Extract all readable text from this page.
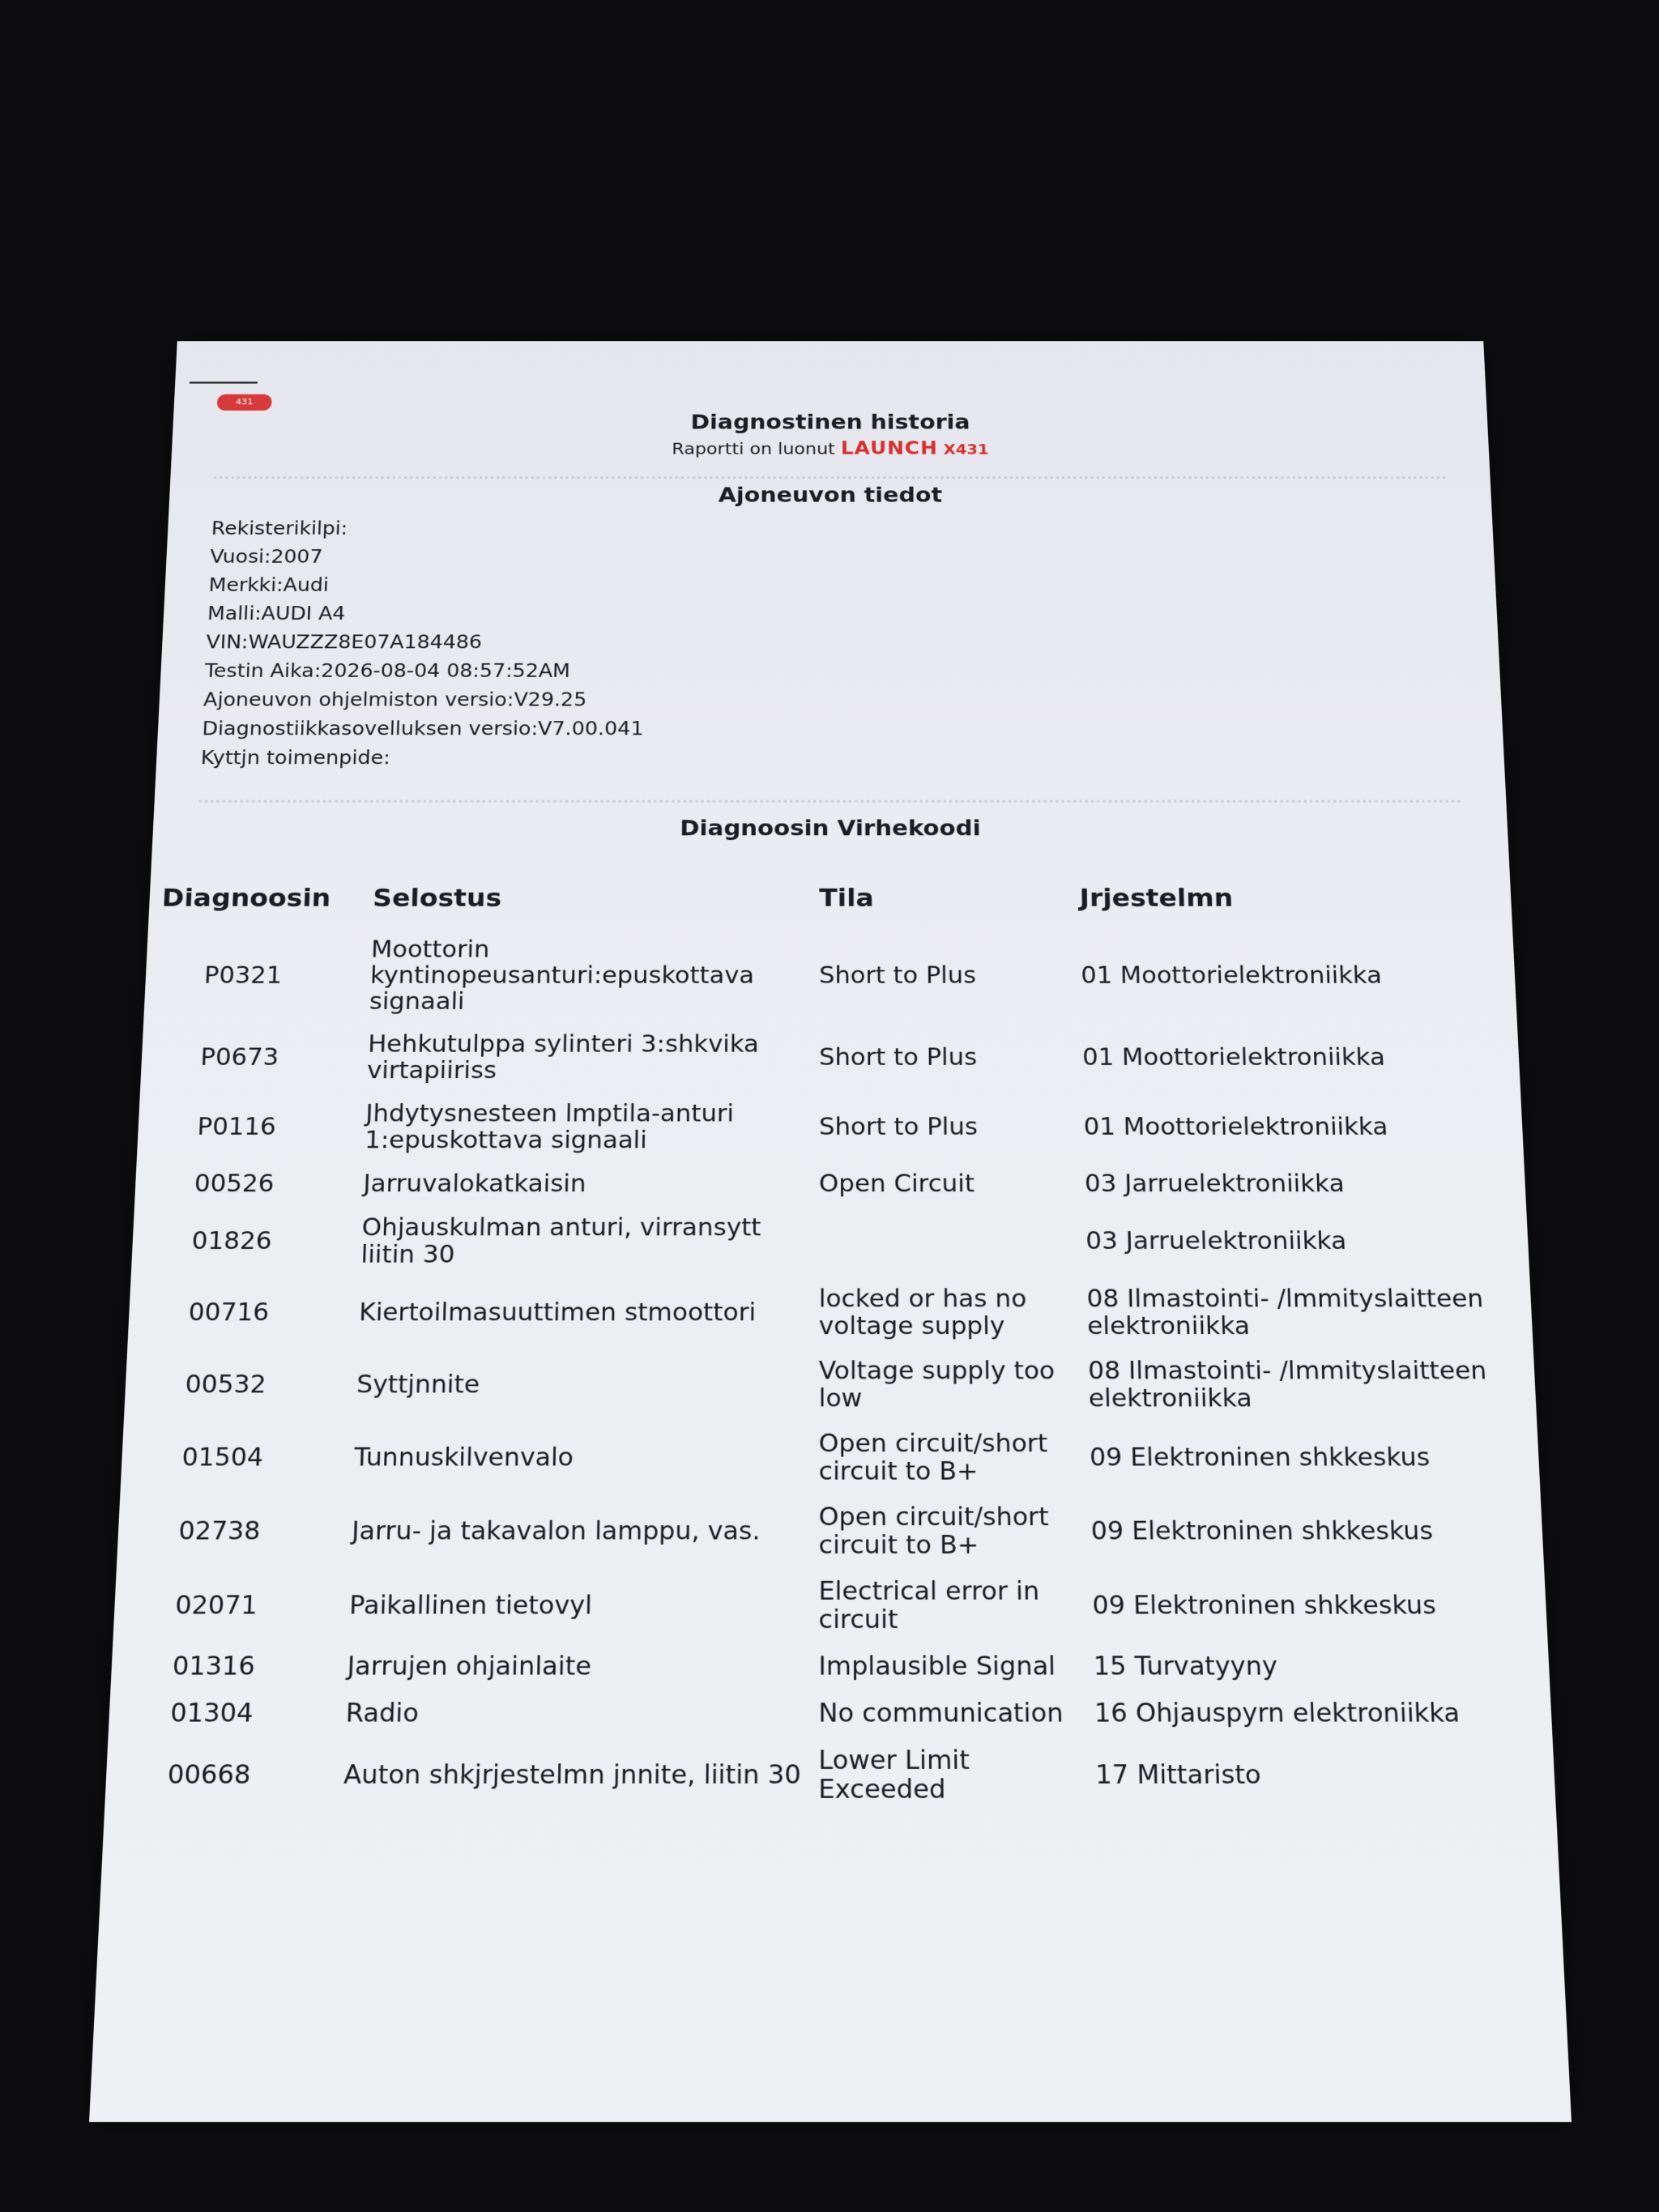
431
Diagnostinen historia
Raportti on luonut LAUNCH X431
Ajoneuvon tiedot
Rekisterikilpi:
Vuosi:2007
Merkki:Audi
Malli:AUDI A4
VIN:WAUZZZ8E07A184486
Testin Aika:2026-08-04 08:57:52AM
Ajoneuvon ohjelmiston versio:V29.25
Diagnostiikkasovelluksen versio:V7.00.041
Kyttjn toimenpide:
Diagnoosin Virhekoodi
Diagnoosin	Selostus	Tila	Jrjestelmn
P0321	Moottorin kyntinopeusanturi:epuskottava signaali	Short to Plus	01 Moottorielektroniikka
P0673	Hehkutulppa sylinteri 3:shkvika virtapiiriss	Short to Plus	01 Moottorielektroniikka
P0116	Jhdytysnesteen lmptila-anturi 1:epuskottava signaali	Short to Plus	01 Moottorielektroniikka
00526	Jarruvalokatkaisin	Open Circuit	03 Jarruelektroniikka
01826	Ohjauskulman anturi, virransytt liitin 30		03 Jarruelektroniikka
00716	Kiertoilmasuuttimen stmoottori	locked or has no voltage supply	08 Ilmastointi- /lmmityslaitteen elektroniikka
00532	Syttjnnite	Voltage supply too low	08 Ilmastointi- /lmmityslaitteen elektroniikka
01504	Tunnuskilvenvalo	Open circuit/short circuit to B+	09 Elektroninen shkkeskus
02738	Jarru- ja takavalon lamppu, vas.	Open circuit/short circuit to B+	09 Elektroninen shkkeskus
02071	Paikallinen tietovyl	Electrical error in circuit	09 Elektroninen shkkeskus
01316	Jarrujen ohjainlaite	Implausible Signal	15 Turvatyyny
01304	Radio	No communication	16 Ohjauspyrn elektroniikka
00668	Auton shkjrjestelmn jnnite, liitin 30	Lower Limit Exceeded	17 Mittaristo
